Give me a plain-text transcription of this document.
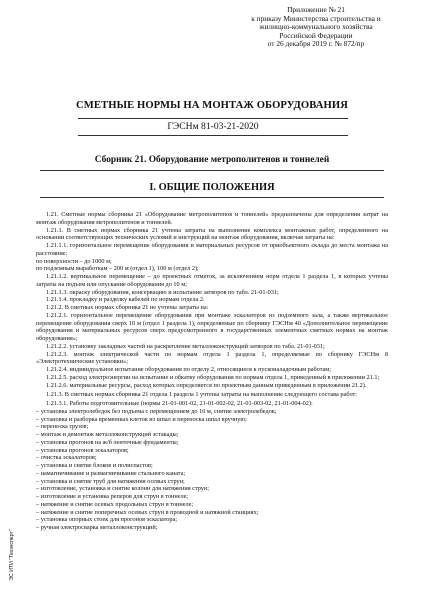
Приложение № 21
к приказу Министерства строительства и
жилищно-коммунального хозяйства
Российской Федерации
от 26 декабря 2019 г. № 872/пр
СМЕТНЫЕ НОРМЫ НА МОНТАЖ ОБОРУДОВАНИЯ
ГЭСНм 81-03-21-2020
Сборник 21. Оборудование метрополитенов и тоннелей
I. ОБЩИЕ ПОЛОЖЕНИЯ

1.21. Сметные нормы сборника 21 «Оборудование метрополитенов и тоннелей» предназначены для определения затрат на монтаж оборудования метрополитенов и тоннелей.

1.21.1. В сметных нормах сборника 21 учтены затраты на выполнение комплекса монтажных работ, определенного на основании соответствующих технических условий и инструкций на монтаж оборудования, включая затраты на:

1.21.1.1. горизонтальное перемещение оборудования и материальных ресурсов от приобъектного склада до места монтажа на расстояние:

по поверхности – до 1000 м;

по подземным выработкам – 200 м (отдел 1), 100 м (отдел 2);

1.21.1.2. вертикальное перемещение – до проектных отметок, за исключением норм отдела 1 раздела 1, в которых учтены затраты на подъем или опускание оборудования до 10 м;

1.21.1.3. окраску оборудования, консервацию и испытание затворов по табл. 21-01-031;

1.21.1.4. прокладку и разделку кабелей по нормам отдела 2.

1.21.2. В сметных нормах сборника 21 не учтены затраты на:

1.21.2.1. горизонтальное перемещение оборудования при монтаже эскалаторов из подземного зала, а также вертикальное перемещение оборудования сверх 10 м (отдел 1 раздела 1), определяемые по сборнику ГЭСНм 40 «Дополнительное перемещение оборудования и материальных ресурсов сверх предусмотренного в государственных элементных сметных нормах на монтаж оборудования»;

1.21.2.2. установку закладных частей на раскрепление металлоконструкций затворов по табл. 21-01-031;

1.21.2.3. монтаж электрической части по нормам отдела 1 раздела 1, определяемые по сборнику ГЭСНм 8 «Электротехнические установки»;

1.21.2.4. индивидуальное испытание оборудования по отделу 2, относящиеся к пусконаладочным работам;

1.21.2.5. расход электроэнергии на испытание и обкатку оборудования по нормам отдела 1, приведенный в приложении 21.1;

1.21.2.6. материальные ресурсы, расход которых определяется по проектным данным приведенным в приложении 21.2).

1.21.3. В сметных нормах сборника 21 отдела 1 раздела 1 учтены затраты на выполнение следующего состава работ:

1.21.3.1. Работы подготовительные (нормы 21-01-001-02, 21-01-002-02, 21-01-003-02, 21-01-004-02):

– установка электролебедок без подъема с перемещением до 10 м, снятие электролебедок;

– установка и разборка временных клеток из шпал и переноска шпал вручную;

– переноска грузов;

– монтаж и демонтаж металлоконструкций эстакады;

– установка прогонов на ж/б ленточные фундаменты;

– установка прогонов эскалаторов;

– очистка эскалаторов;

– установка и снятие блоков и полиспастов;

– намагничивание и размагничивание стального каната;

– установка и снятие труб для натяжения осевых струн;

– изготовление, установка и снятие колонн для натяжения струн;

– изготовление и установка реперов для струн в тоннеле;

– натяжение и снятие осевых продольных струн в тоннеле;

– натяжение и снятие поперечных осевых струн в проводной и натяжной станциях;

– установка опорных стоек для прогонов эскалатора;

– ручная электросварка металлоконструкций;

ЭС ИТИ "Техэксперт"
